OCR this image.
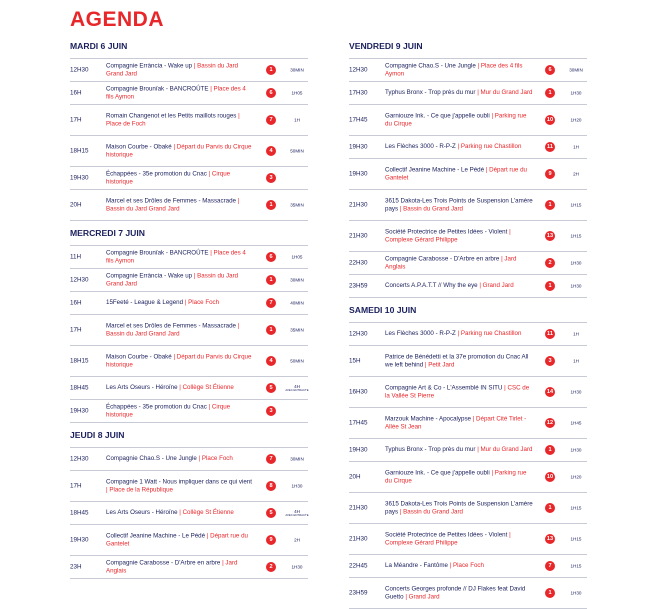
AGENDA
MARDI 6 JUIN
12H30
Compagnie Errància - Wake up | Bassin du Jard Grand Jard	1	30MIN
16H
Compagnie Brounïak - BANCROÛTE | Place des 4 fils Aymon	6	1H05
17H
Romain Changenot et les Petits maillots rouges | Place de Foch	7	1H
18H15
Maison Courbe - Obaké | Départ du Parvis du Cirque historique	4	50MIN
19H30
Échappées - 35e promotion du Cnac | Cirque historique	3
20H
Marcel et ses Drôles de Femmes - Massacrade | Bassin du Jard Grand Jard	1	35MIN
MERCREDI 7 JUIN
11H
Compagnie Brounïak - BANCROÛTE | Place des 4 fils Aymon	6	1H05
12H30
Compagnie Errància - Wake up | Bassin du Jard Grand Jard	1	30MIN
16H	15Feeté - League & Legend | Place Foch	7	40MIN
17H
Marcel et ses Drôles de Femmes - Massacrade | Bassin du Jard Grand Jard	1	35MIN
18H15
Maison Courbe - Obaké | Départ du Parvis du Cirque historique	4	50MIN
18H45	Les Arts Oseurs - Héroïne | Collège St Étienne	5	4H
AVEC ENTRACTE
19H30
Échappées - 35e promotion du Cnac | Cirque historique	3
JEUDI 8 JUIN
12H30	Compagnie Chao.S - Une Jungle | Place Foch	7	30MIN
17H
Compagnie 1 Watt - Nous impliquer dans ce qui vient | Place de la République	8	1H30
18H45	Les Arts Oseurs - Héroïne | Collège St Étienne	5	4H
AVEC ENTRACTE
19H30
Collectif Jeanine Machine - Le Pédé | Départ rue du Gantelet	9	2H
23H
Compagnie Carabosse - D'Arbre en arbre | Jard Anglais	2	1H30
VENDREDI 9 JUIN
12H30
Compagnie Chao.S - Une Jungle | Place des 4 fils Aymon	6	30MIN
17H30	Typhus Bronx - Trop près du mur | Mur du Grand Jard	1	1H30
17H45
Garniouze Ink. - Ce que j'appelle oubli | Parking rue du Cirque	10	1H20
19H30	Les Flèches 3000 - R-P-Z | Parking rue Chastillon	11	1H
19H30
Collectif Jeanine Machine - Le Pédé | Départ rue du Gantelet	9	2H
21H30
3615 Dakota-Les Trois Points de Suspension L'amère pays | Bassin du Grand Jard	1	1H15
21H30
Société Protectrice de Petites Idées - Violent | Complexe Gérard Philippe	13	1H15
22H30
Compagnie Carabosse - D'Arbre en arbre | Jard Anglais	2	1H30
23H59	Concerts A.P.A.T.T // Why the eye | Grand Jard	1	1H30
SAMEDI 10 JUIN
12H30	Les Flèches 3000 - R-P-Z | Parking rue Chastillon	11	1H
15H
Patrice de Bénédetti et la 37e promotion du Cnac All we left behind | Petit Jard	3	1H
16H30
Compagnie Art & Co - L'Assemblé IN SITU | CSC de la Vallée St Pierre	14	1H30
17H45
Marzouk Machine - Apocalypse | Départ Cité Tirlet - Allée St Jean	12	1H45
19H30	Typhus Bronx - Trop près du mur | Mur du Grand Jard	1	1H30
20H
Garniouze Ink. - Ce que j'appelle oubli | Parking rue du Cirque	10	1H20
21H30
3615 Dakota-Les Trois Points de Suspension L'amère pays | Bassin du Grand Jard	1	1H15
21H30
Société Protectrice de Petites Idées - Violent | Complexe Gérard Philippe	13	1H15
22H45	La Méandre - Fantôme | Place Foch	7	1H15
23H59
Concerts Georges profonde // DJ Flakes feat David Guetto | Grand Jard	1	1H30
